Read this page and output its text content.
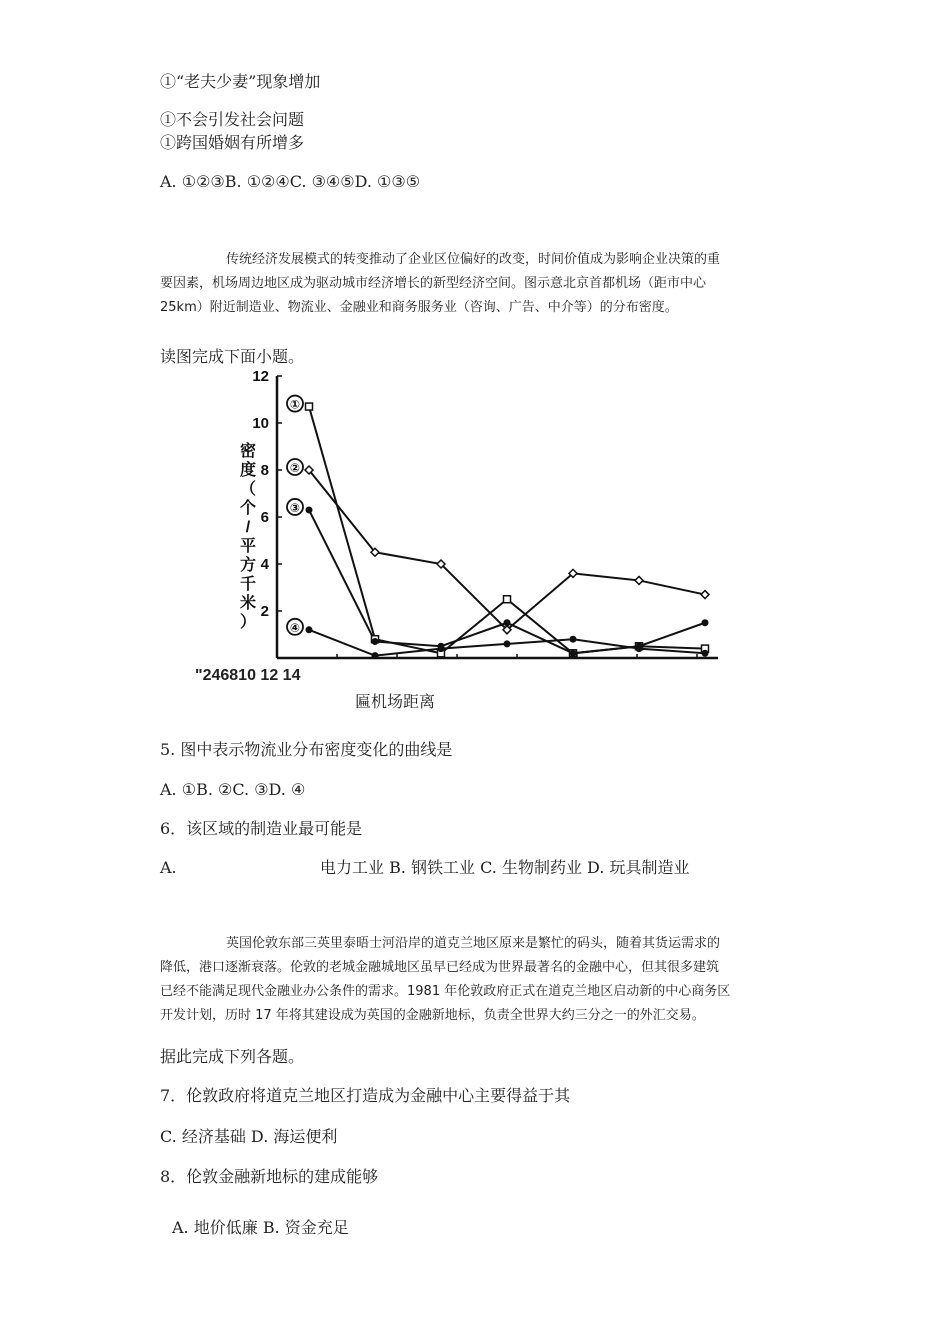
①“老夫少妻”现象增加
①不会引发社会问题
①跨国婚姻有所增多
A. ①②③B. ①②④C. ③④⑤D. ①③⑤
传统经济发展模式的转变推动了企业区位偏好的改变，时间价值成为影响企业决策的重
要因素，机场周边地区成为驱动城市经济增长的新型经济空间。图示意北京首都机场（距市中心
25km）附近制造业、物流业、金融业和商务服务业（咨询、广告、中介等）的分布密度。
读图完成下面小题。
12
10
8
6
4
2
密
度
（
个
/
平
方
千
米
）
①
②
③
④
"246810 12 14
匾机场距离
5. 图中表示物流业分布密度变化的曲线是
A. ①B. ②C. ③D. ④
6．该区域的制造业最可能是
A.	电力工业 B. 钢铁工业 C. 生物制药业 D. 玩具制造业
英国伦敦东部三英里泰晤士河沿岸的道克兰地区原来是繁忙的码头，随着其货运需求的
降低，港口逐渐衰落。伦敦的老城金融城地区虽早已经成为世界最著名的金融中心，但其很多建筑
已经不能满足现代金融业办公条件的需求。1981 年伦敦政府正式在道克兰地区启动新的中心商务区
开发计划，历时 17 年将其建设成为英国的金融新地标，负责全世界大约三分之一的外汇交易。
据此完成下列各题。
7．伦敦政府将道克兰地区打造成为金融中心主要得益于其
C. 经济基础 D. 海运便利
8．伦敦金融新地标的建成能够
A. 地价低廉 B. 资金充足
